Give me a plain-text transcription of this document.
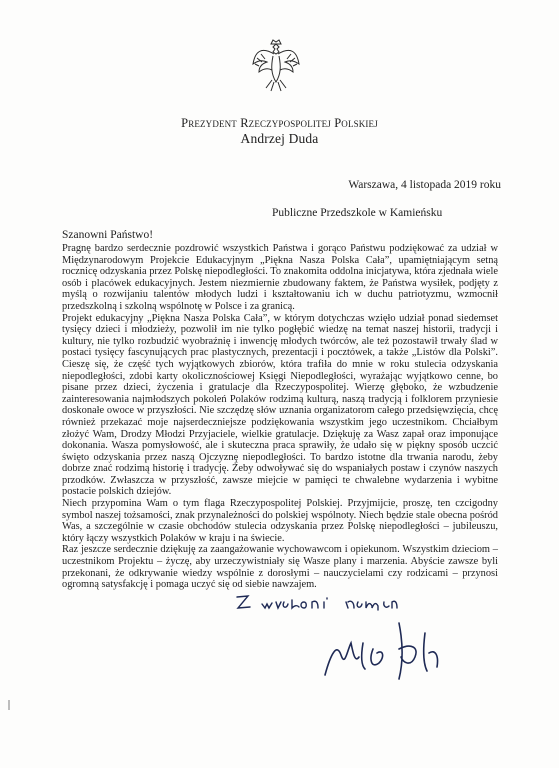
Prezydent Rzeczypospolitej Polskiej
Andrzej Duda
Warszawa, 4 listopada 2019 roku
Publiczne Przedszkole w Kamieńsku
Szanowni Państwo!

Pragnę bardzo serdecznie pozdrowić wszystkich Państwa i gorąco Państwu podziękować za udział w Międzynarodowym Projekcie Edukacyjnym „Piękna Nasza Polska Cała”, upamiętniającym setną rocznicę odzyskania przez Polskę niepodległości. To znakomita oddolna inicjatywa, która zjednała wiele osób i placówek edukacyjnych. Jestem niezmiernie zbudowany faktem, że Państwa wysiłek, podjęty z myślą o rozwijaniu talentów młodych ludzi i kształtowaniu ich w duchu patriotyzmu, wzmocnił przedszkolną i szkolną wspólnotę w Polsce i za granicą.

Projekt edukacyjny „Piękna Nasza Polska Cała”, w którym dotychczas wzięło udział ponad siedemset tysięcy dzieci i młodzieży, pozwolił im nie tylko pogłębić wiedzę na temat naszej historii, tradycji i kultury, nie tylko rozbudzić wyobraźnię i inwencję młodych twórców, ale też pozostawił trwały ślad w postaci tysięcy fascynujących prac plastycznych, prezentacji i pocztówek, a także „Listów dla Polski”. Cieszę się, że część tych wyjątkowych zbiorów, która trafiła do mnie w roku stulecia odzyskania niepodległości, zdobi karty okolicznościowej Księgi Niepodległości, wyrażając wyjątkowo cenne, bo pisane przez dzieci, życzenia i gratulacje dla Rzeczypospolitej. Wierzę głęboko, że wzbudzenie zainteresowania najmłodszych pokoleń Polaków rodzimą kulturą, naszą tradycją i folklorem przyniesie doskonałe owoce w przyszłości. Nie szczędzę słów uznania organizatorom całego przedsięwzięcia, chcę również przekazać moje najserdeczniejsze podziękowania wszystkim jego uczestnikom. Chciałbym złożyć Wam, Drodzy Młodzi Przyjaciele, wielkie gratulacje. Dziękuję za Wasz zapał oraz imponujące dokonania. Wasza pomysłowość, ale i skuteczna praca sprawiły, że udało się w piękny sposób uczcić święto odzyskania przez naszą Ojczyznę niepodległości. To bardzo istotne dla trwania narodu, żeby dobrze znać rodzimą historię i tradycję. Żeby odwoływać się do wspaniałych postaw i czynów naszych przodków. Zwłaszcza w przyszłość, zawsze miejcie w pamięci te chwalebne wydarzenia i wybitne postacie polskich dziejów.

Niech przypomina Wam o tym flaga Rzeczypospolitej Polskiej. Przyjmijcie, proszę, ten czcigodny symbol naszej tożsamości, znak przynależności do polskiej wspólnoty. Niech będzie stale obecna pośród Was, a szczególnie w czasie obchodów stulecia odzyskania przez Polskę niepodległości – jubileuszu, który łączy wszystkich Polaków w kraju i na świecie.

Raz jeszcze serdecznie dziękuję za zaangażowanie wychowawcom i opiekunom. Wszystkim dzieciom – uczestnikom Projektu – życzę, aby urzeczywistniały się Wasze plany i marzenia. Abyście zawsze byli przekonani, że odkrywanie wiedzy wspólnie z dorosłymi – nauczycielami czy rodzicami – przynosi ogromną satysfakcję i pomaga uczyć się od siebie nawzajem.
